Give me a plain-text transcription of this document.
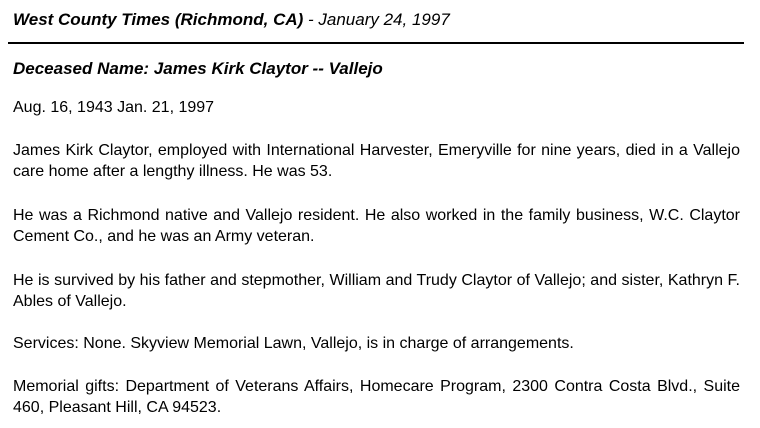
West County Times (Richmond, CA) - January 24, 1997
Deceased Name: James Kirk Claytor -- Vallejo

Aug. 16, 1943 Jan. 21, 1997

James Kirk Claytor, employed with International Harvester, Emeryville for nine years, died in a Vallejo care home after a lengthy illness. He was 53.

He was a Richmond native and Vallejo resident. He also worked in the family business, W.C. Claytor Cement Co., and he was an Army veteran.

He is survived by his father and stepmother, William and Trudy Claytor of Vallejo; and sister, Kathryn F. Ables of Vallejo.

Services: None. Skyview Memorial Lawn, Vallejo, is in charge of arrangements.

Memorial gifts: Department of Veterans Affairs, Homecare Program, 2300 Contra Costa Blvd., Suite 460, Pleasant Hill, CA 94523.
